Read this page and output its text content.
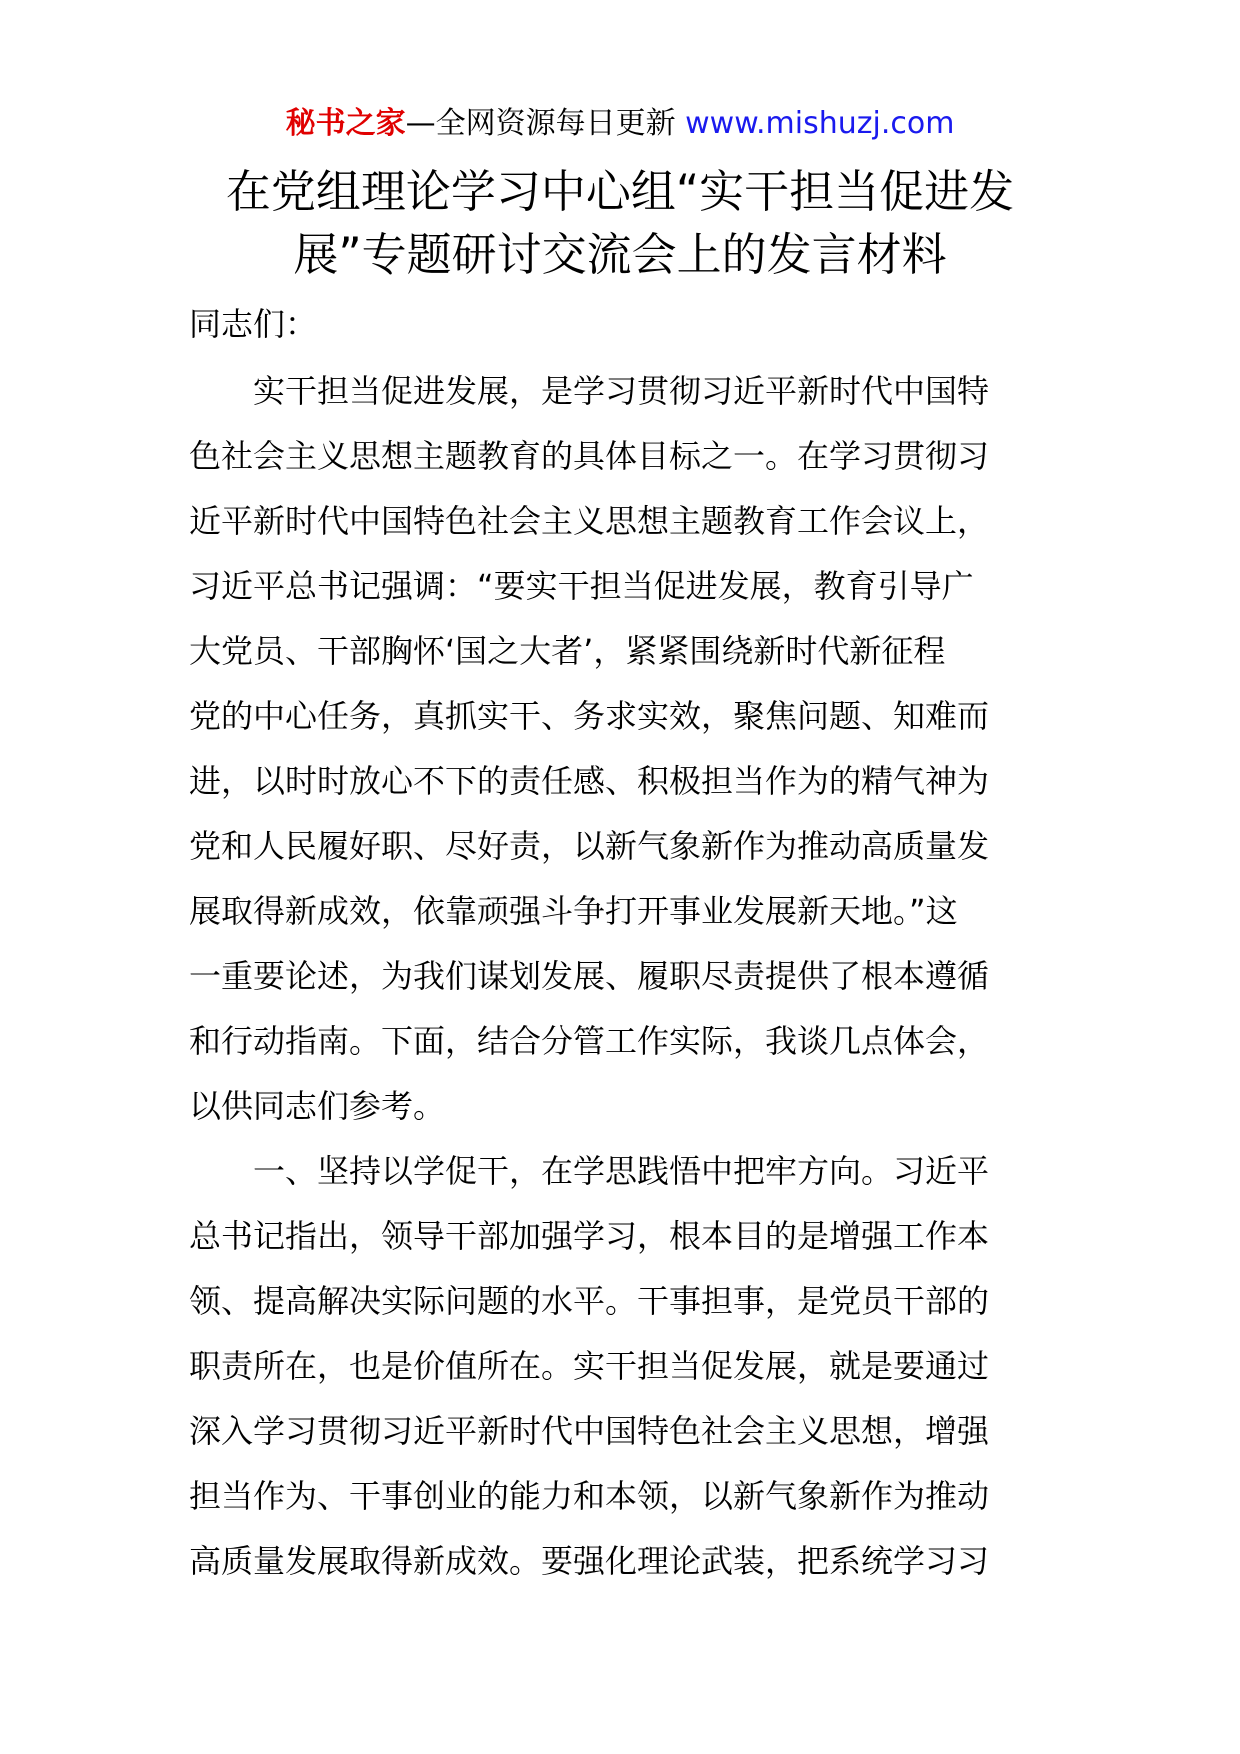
秘书之家—全网资源每日更新 www.mishuzj.com
在党组理论学习中心组“实干担当促进发
展”专题研讨交流会上的发言材料
同志们：
　　实干担当促进发展，是学习贯彻习近平新时代中国特
色社会主义思想主题教育的具体目标之一。在学习贯彻习
近平新时代中国特色社会主义思想主题教育工作会议上，
习近平总书记强调：“要实干担当促进发展，教育引导广
大党员、干部胸怀‘国之大者’，紧紧围绕新时代新征程
党的中心任务，真抓实干、务求实效，聚焦问题、知难而
进，以时时放心不下的责任感、积极担当作为的精气神为
党和人民履好职、尽好责，以新气象新作为推动高质量发
展取得新成效，依靠顽强斗争打开事业发展新天地。”这
一重要论述，为我们谋划发展、履职尽责提供了根本遵循
和行动指南。下面，结合分管工作实际，我谈几点体会，
以供同志们参考。
　　一、坚持以学促干，在学思践悟中把牢方向。习近平
总书记指出，领导干部加强学习，根本目的是增强工作本
领、提高解决实际问题的水平。干事担事，是党员干部的
职责所在，也是价值所在。实干担当促发展，就是要通过
深入学习贯彻习近平新时代中国特色社会主义思想，增强
担当作为、干事创业的能力和本领，以新气象新作为推动
高质量发展取得新成效。要强化理论武装，把系统学习习
